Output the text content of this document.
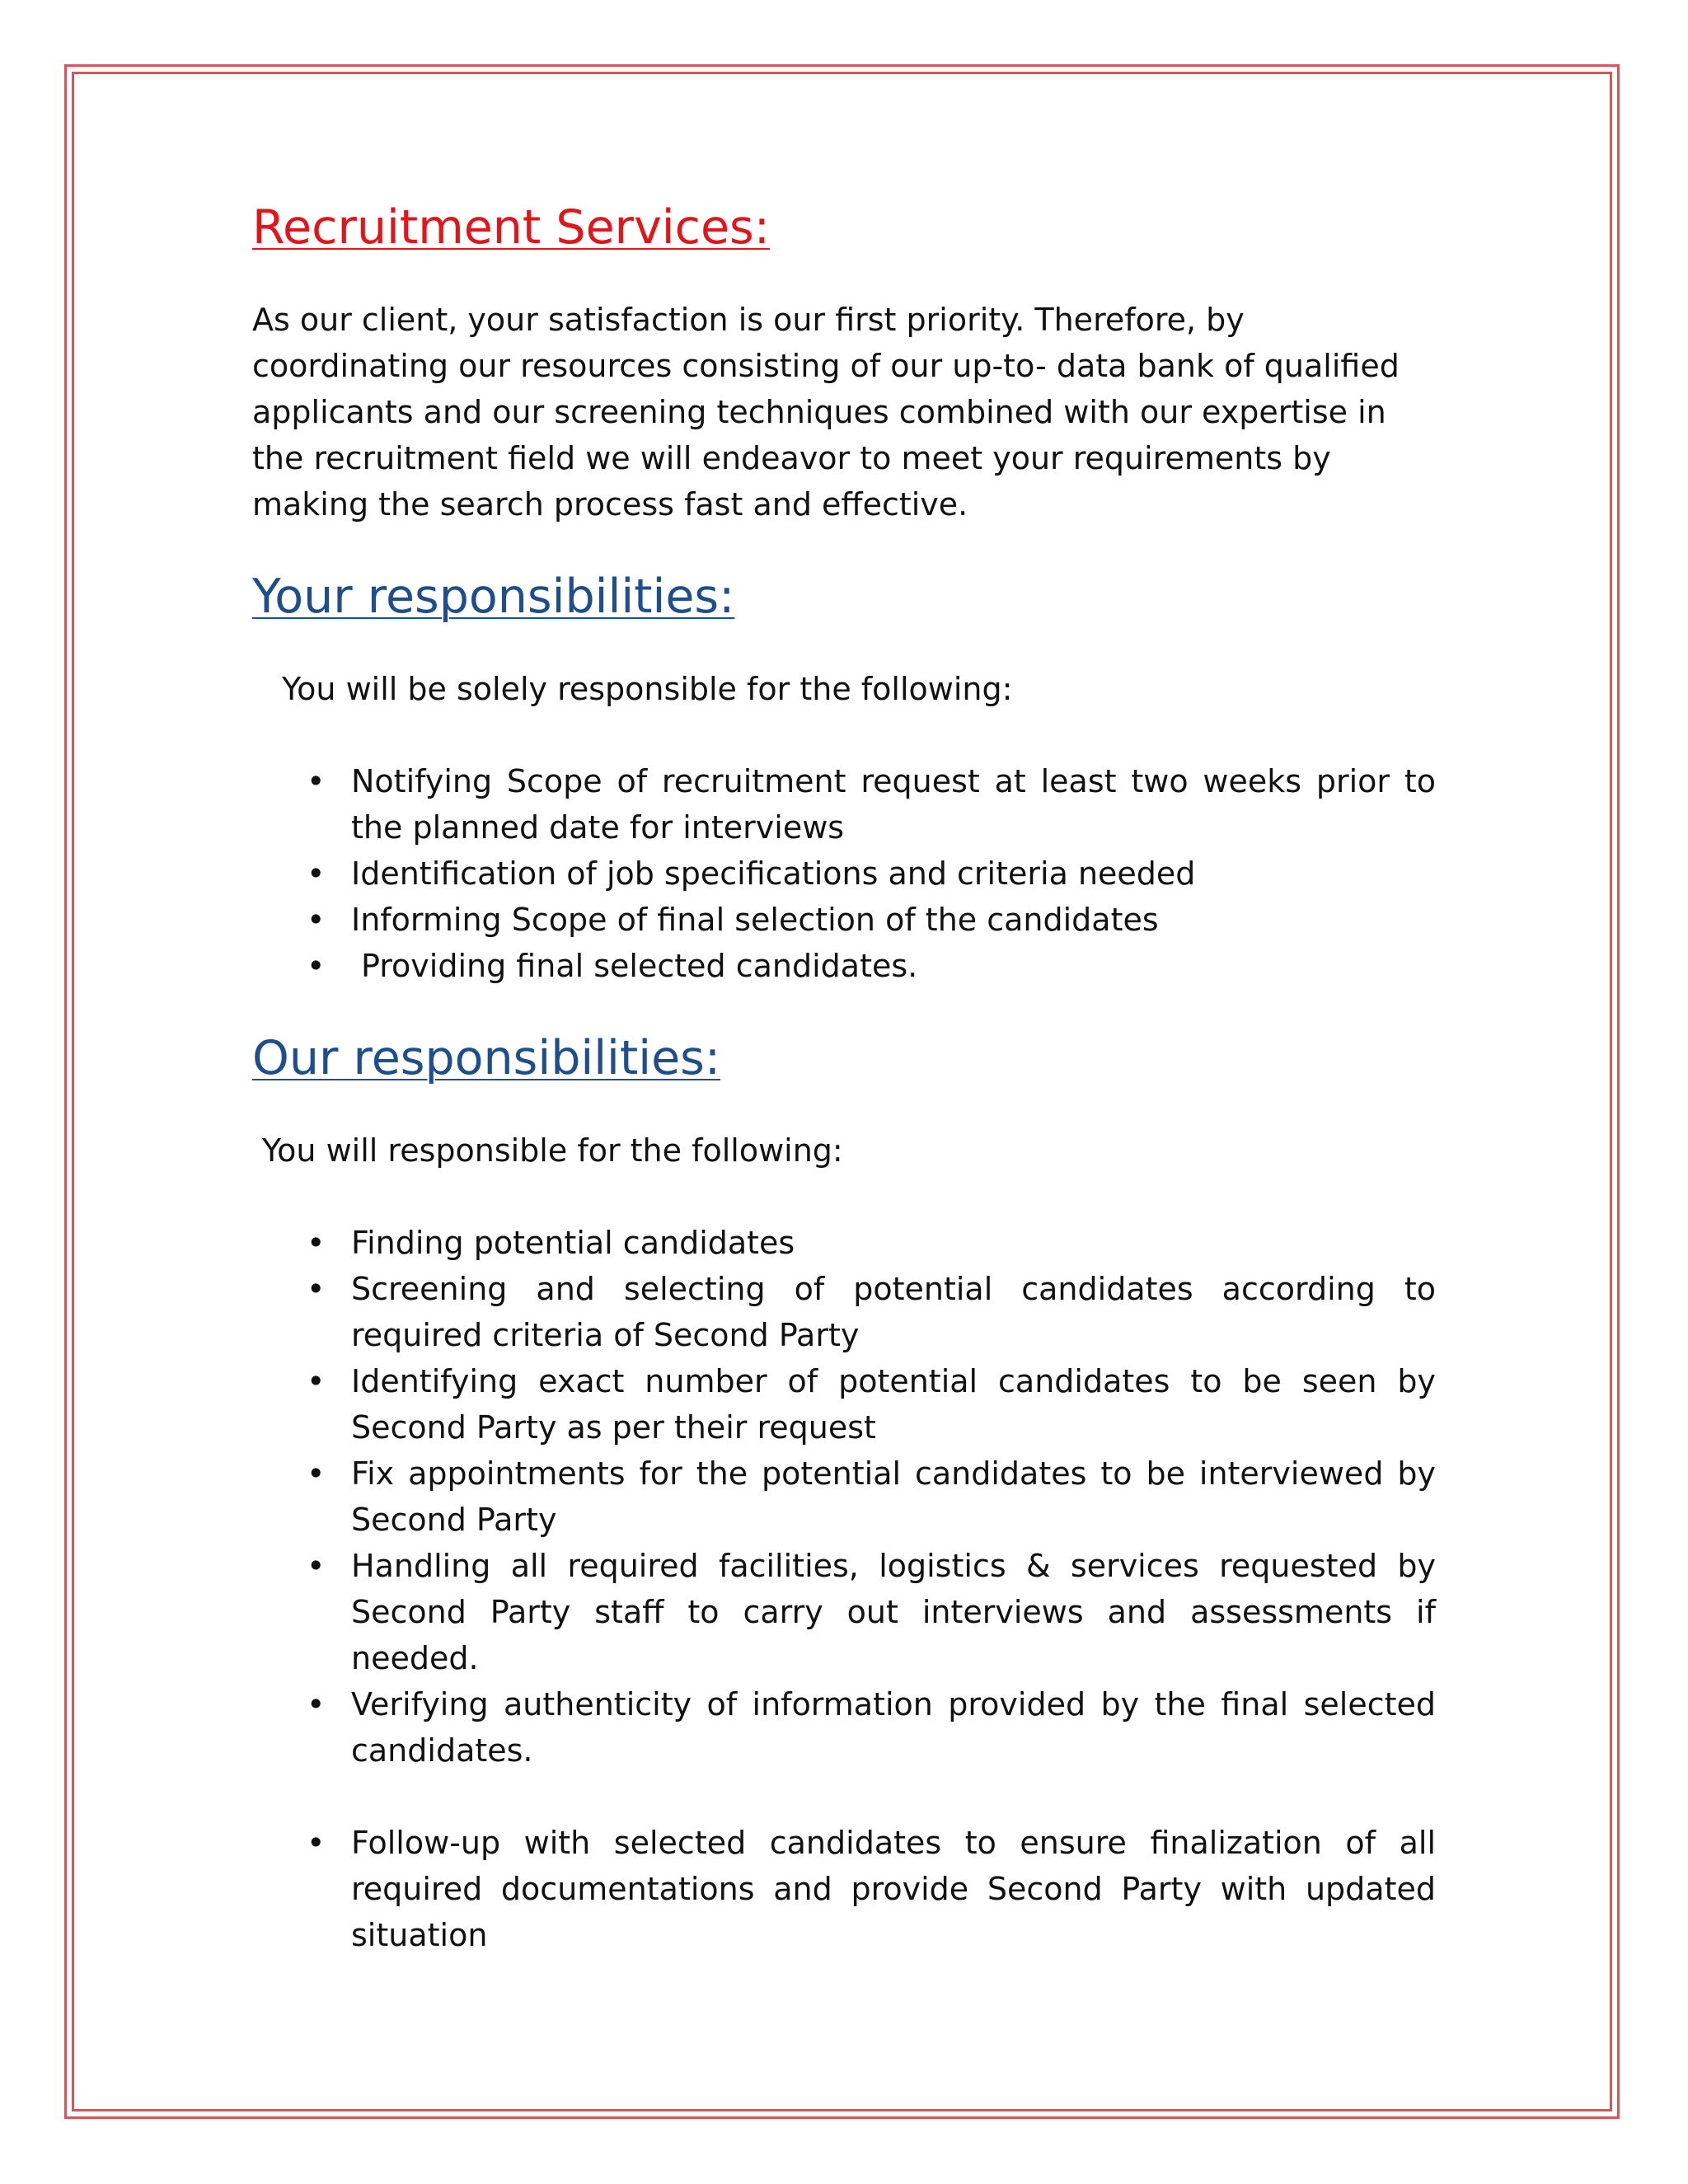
Recruitment Services:

As our client, your satisfaction is our first priority. Therefore, by coordinating our resources consisting of our up-to- data bank of qualified applicants and our screening techniques combined with our expertise in the recruitment field we will endeavor to meet your requirements by making the search process fast and effective.

Your responsibilities:

You will be solely responsible for the following:

• Notifying Scope of recruitment request at least two weeks prior to the planned date for interviews
• Identification of job specifications and criteria needed
• Informing Scope of final selection of the candidates
• Providing final selected candidates.
Our responsibilities:

You will responsible for the following:

• Finding potential candidates
• Screening and selecting of potential candidates according to required criteria of Second Party
• Identifying exact number of potential candidates to be seen by Second Party as per their request
• Fix appointments for the potential candidates to be interviewed by Second Party
• Handling all required facilities, logistics & services requested by Second Party staff to carry out interviews and assessments if needed.
• Verifying authenticity of information provided by the final selected candidates.
• Follow-up with selected candidates to ensure finalization of all required documentations and provide Second Party with updated situation
